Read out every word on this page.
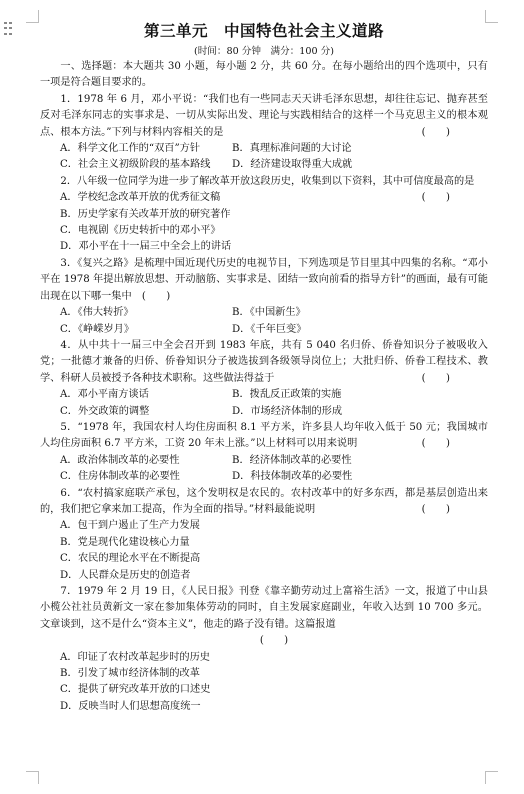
第三单元　中国特色社会主义道路
(时间：80 分钟　满分：100 分)

一、选择题：本大题共 30 小题，每小题 2 分，共 60 分。在每小题给出的四个选项中，只有一项是符合题目要求的。

1．1978 年 6 月，邓小平说：“我们也有一些同志天天讲毛泽东思想，却往往忘记、抛弃甚至反对毛泽东同志的实事求是、一切从实际出发、理论与实践相结合的这样一个马克思主义的根本观点、根本方法。”下列与材料内容相关的是	(　　)

A．科学文化工作的“双百”方针	B．真理标准问题的大讨论
C．社会主义初级阶段的基本路线	D．经济建设取得重大成就

2．八年级一位同学为进一步了解改革开放这段历史，收集到以下资料，其中可信度最高的是
(　　)

A．学校纪念改革开放的优秀征文稿
B．历史学家有关改革开放的研究著作
C．电视剧《历史转折中的邓小平》
D．邓小平在十一届三中全会上的讲话

3．《复兴之路》是梳理中国近现代历史的电视节目，下列选项是节目里其中四集的名称。“邓小平在 1978 年提出解放思想、开动脑筋、实事求是、团结一致向前看的指导方针”的画面，最有可能出现在以下哪一集中　(　　)

A．《伟大转折》	B．《中国新生》
C．《峥嵘岁月》	D．《千年巨变》

4．从中共十一届三中全会召开到 1983 年底，共有 5 040 名归侨、侨眷知识分子被吸收入党；一批德才兼备的归侨、侨眷知识分子被选拔到各级领导岗位上；大批归侨、侨眷工程技术、教学、科研人员被授予各种技术职称。这些做法得益于	(　　)

A．邓小平南方谈话	B．拨乱反正政策的实施
C．外交政策的调整	D．市场经济体制的形成

5．“1978 年，我国农村人均住房面积 8.1 平方米，许多县人均年收入低于 50 元；我国城市人均住房面积 6.7 平方米，工资 20 年未上涨。”以上材料可以用来说明	(　　)

A．政治体制改革的必要性	B．经济体制改革的必要性
C．住房体制改革的必要性	D．科技体制改革的必要性

6．“农村搞家庭联产承包，这个发明权是农民的。农村改革中的好多东西，都是基层创造出来的，我们把它拿来加工提高，作为全面的指导。”材料最能说明	(　　)

A．包干到户遏止了生产力发展
B．党是现代化建设核心力量
C．农民的理论水平在不断提高
D．人民群众是历史的创造者

7．1979 年 2 月 19 日，《人民日报》刊登《靠辛勤劳动过上富裕生活》一文，报道了中山县小榄公社社员黄新文一家在参加集体劳动的同时，自主发展家庭副业，年收入达到 10 700 多元。文章谈到，这不是什么“资本主义”，他走的路子没有错。这篇报道

(　　)
A．印证了农村改革起步时的历史
B．引发了城市经济体制的改革
C．提供了研究改革开放的口述史
D．反映当时人们思想高度统一
